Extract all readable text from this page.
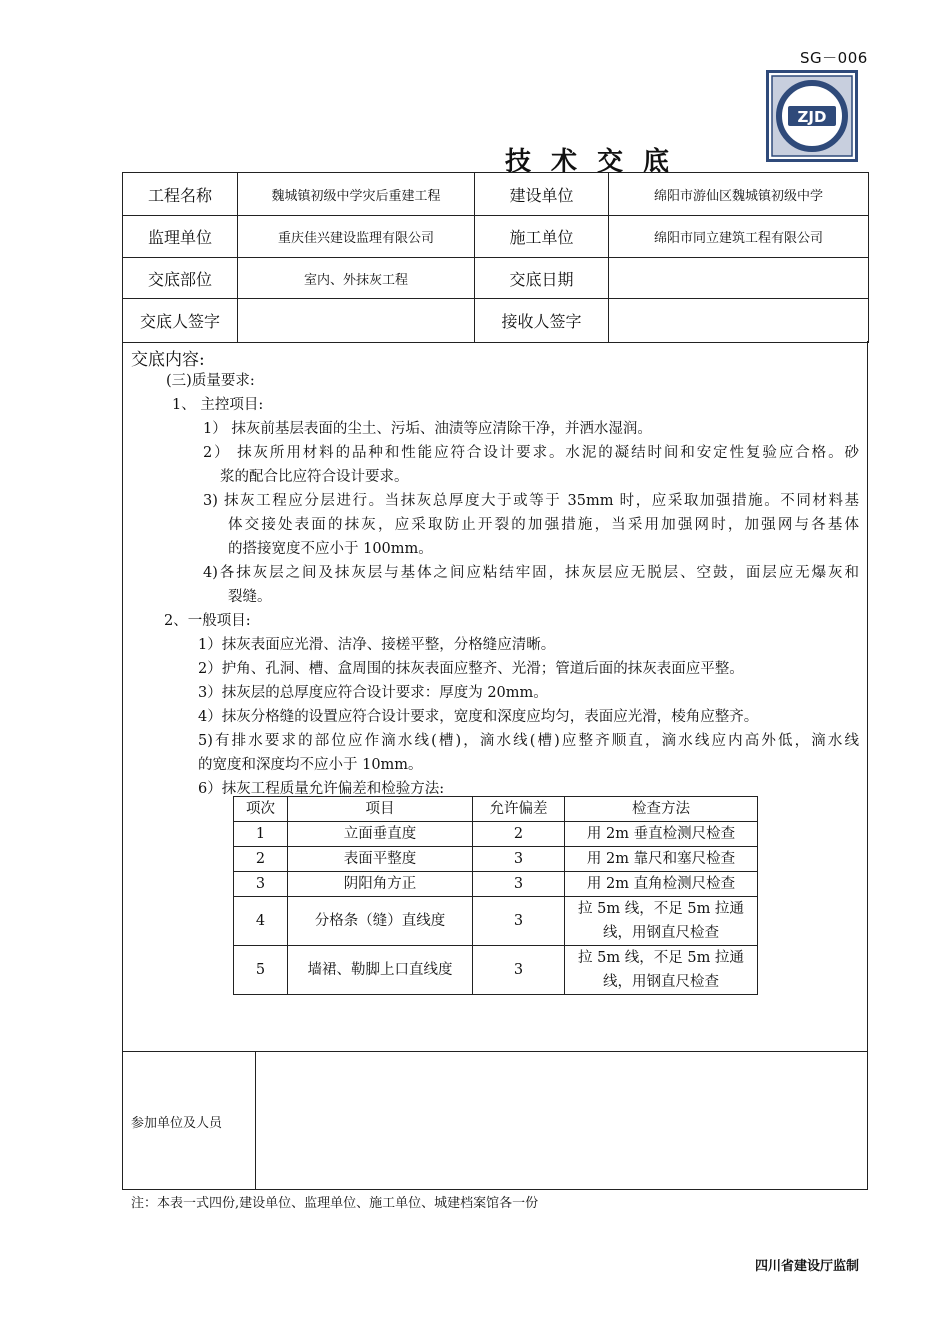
SG－006
ZJD
技 术 交 底
工程名称	魏城镇初级中学灾后重建工程	建设单位	绵阳市游仙区魏城镇初级中学
监理单位	重庆佳兴建设监理有限公司	施工单位	绵阳市同立建筑工程有限公司
交底部位	室内、外抹灰工程	交底日期	
交底人签字		接收人签字	
交底内容:
(三)质量要求:
1、 主控项目:
1） 抹灰前基层表面的尘土、污垢、油渍等应清除干净，并洒水湿润。
2） 抹灰所用材料的品种和性能应符合设计要求。水泥的凝结时间和安定性复验应合格。砂
浆的配合比应符合设计要求。
3) 抹灰工程应分层进行。当抹灰总厚度大于或等于 35mm 时，应采取加强措施。不同材料基
体交接处表面的抹灰，应采取防止开裂的加强措施，当采用加强网时，加强网与各基体
的搭接宽度不应小于 100mm。
4)各抹灰层之间及抹灰层与基体之间应粘结牢固，抹灰层应无脱层、空鼓，面层应无爆灰和
裂缝。
2、一般项目:
1）抹灰表面应光滑、洁净、接槎平整，分格缝应清晰。
2）护角、孔洞、槽、盒周围的抹灰表面应整齐、光滑；管道后面的抹灰表面应平整。
3）抹灰层的总厚度应符合设计要求：厚度为 20mm。
4）抹灰分格缝的设置应符合设计要求，宽度和深度应均匀，表面应光滑，棱角应整齐。
5)有排水要求的部位应作滴水线(槽)，滴水线(槽)应整齐顺直，滴水线应内高外低，滴水线
的宽度和深度均不应小于 10mm。
6）抹灰工程质量允许偏差和检验方法:
项次	项目	允许偏差	检查方法
1	立面垂直度	2	用 2m 垂直检测尺检查
2	表面平整度	3	用 2m 靠尺和塞尺检查
3	阴阳角方正	3	用 2m 直角检测尺检查
4	分格条（缝）直线度	3	拉 5m 线，不足 5m 拉通
线，用钢直尺检查

5	墙裙、勒脚上口直线度	3	拉 5m 线，不足 5m 拉通
线，用钢直尺检查
参加单位及人员
注：本表一式四份,建设单位、监理单位、施工单位、城建档案馆各一份
四川省建设厅监制
